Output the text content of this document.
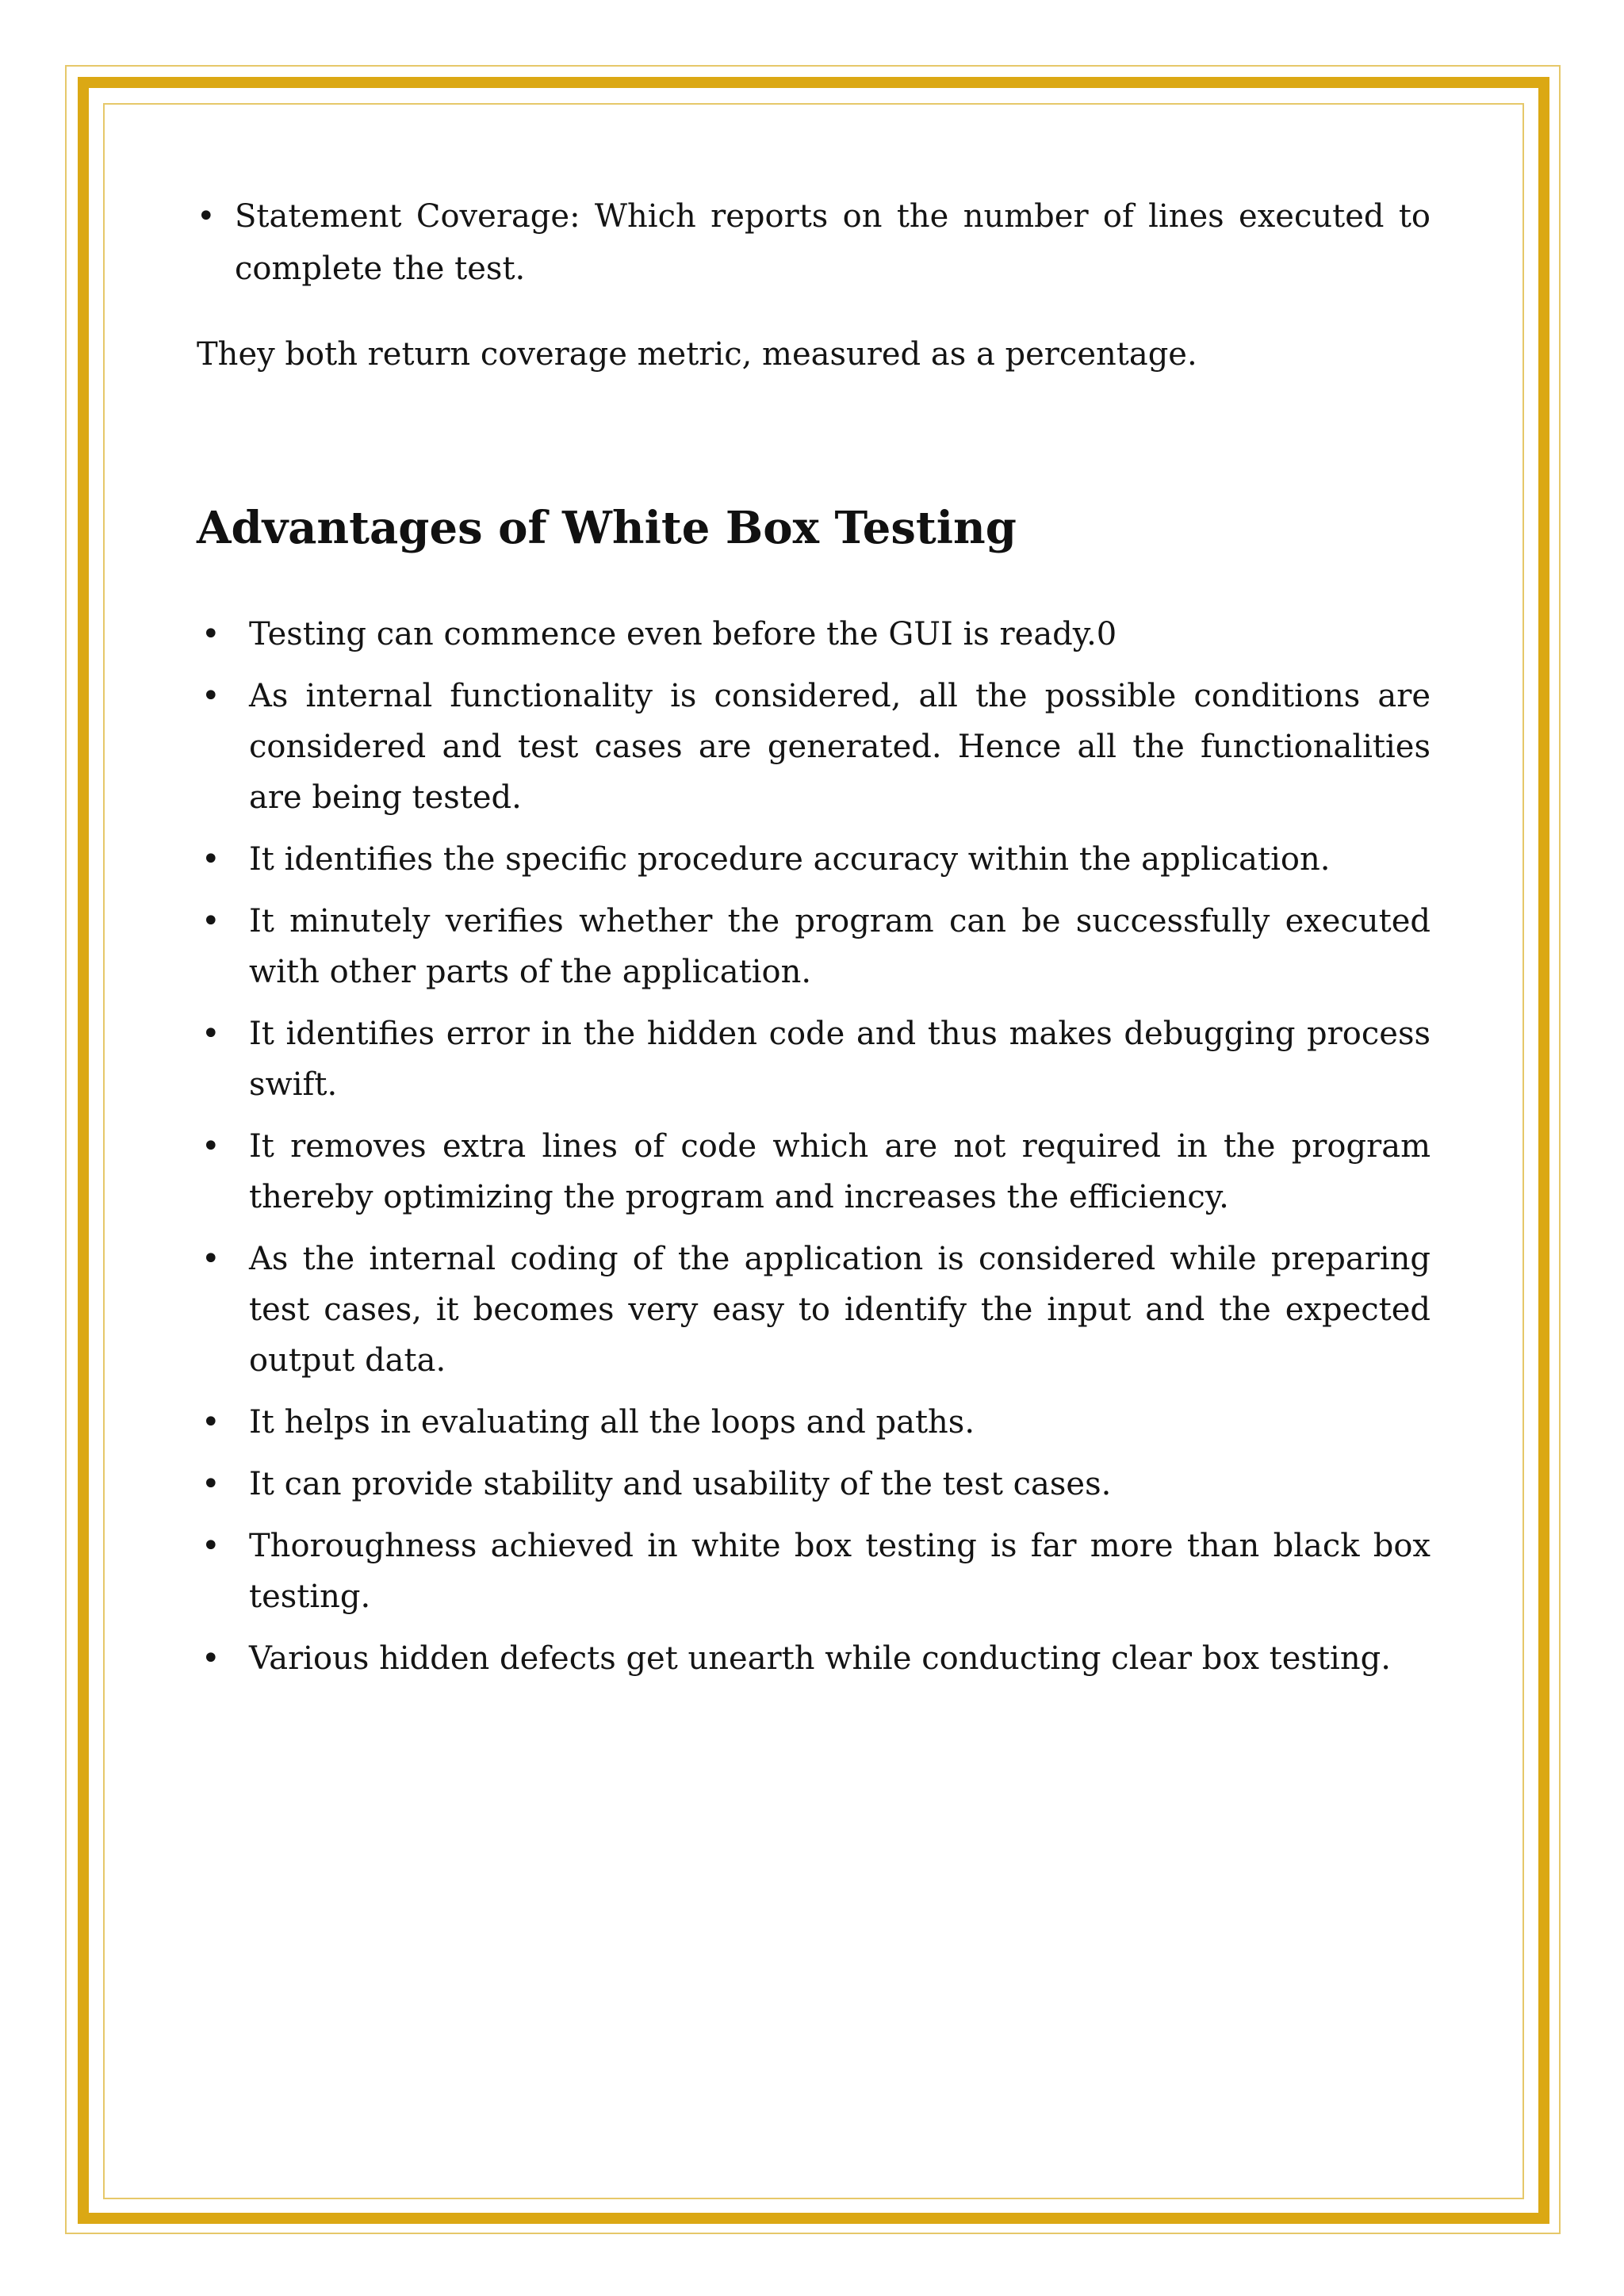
• Statement Coverage: Which reports on the number of lines executed to complete the test.

They both return coverage metric, measured as a percentage.

Advantages of White Box Testing
• Testing can commence even before the GUI is ready.0
• As internal functionality is considered, all the possible conditions are considered and test cases are generated. Hence all the functionalities are being tested.
• It identifies the specific procedure accuracy within the application.
• It minutely verifies whether the program can be successfully executed with other parts of the application.
• It identifies error in the hidden code and thus makes debugging process swift.
• It removes extra lines of code which are not required in the program thereby optimizing the program and increases the efficiency.
• As the internal coding of the application is considered while preparing test cases, it becomes very easy to identify the input and the expected output data.
• It helps in evaluating all the loops and paths.
• It can provide stability and usability of the test cases.
• Thoroughness achieved in white box testing is far more than black box testing.
• Various hidden defects get unearth while conducting clear box testing.
